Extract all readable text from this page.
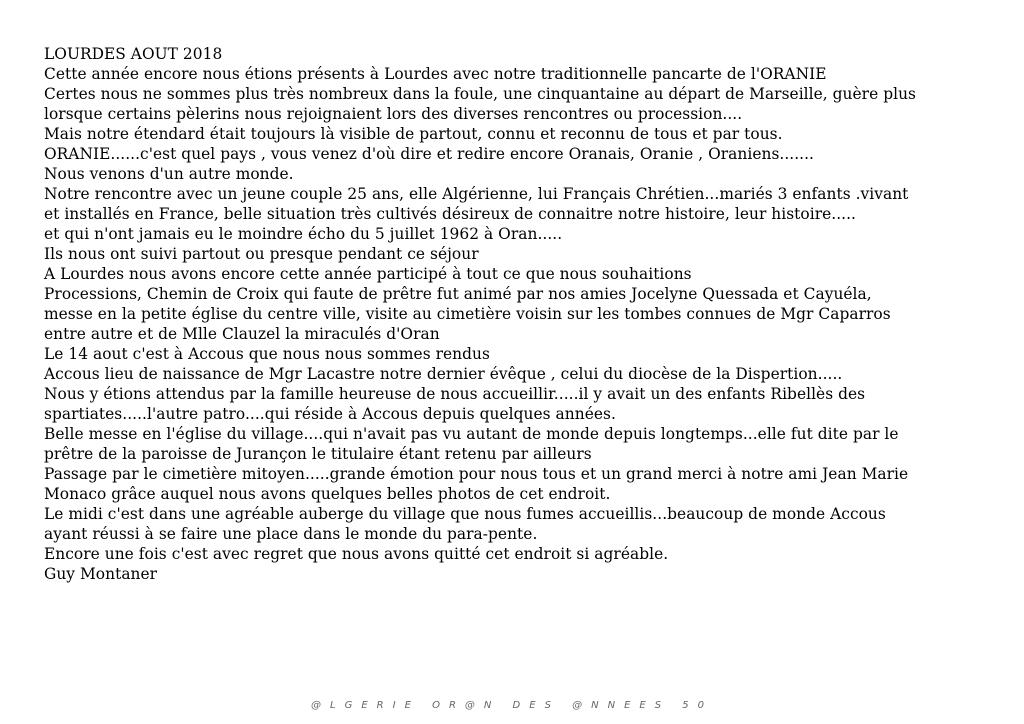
LOURDES AOUT 2018
Cette année encore nous étions présents à Lourdes avec notre traditionnelle pancarte de l'ORANIE
Certes nous ne sommes plus très nombreux dans la foule, une cinquantaine au départ de Marseille, guère plus
lorsque certains pèlerins nous rejoignaient lors des diverses rencontres ou procession....
Mais notre étendard était toujours là visible de partout, connu et reconnu de tous et par tous.
ORANIE......c'est quel pays , vous venez d'où dire et redire encore Oranais, Oranie , Oraniens.......
Nous venons d'un autre monde.
Notre rencontre avec un jeune couple 25 ans, elle Algérienne, lui Français Chrétien...mariés 3 enfants .vivant
et installés en France, belle situation très cultivés désireux de connaitre notre histoire, leur histoire.....
et qui n'ont jamais eu le moindre écho du 5 juillet 1962 à Oran.....
Ils nous ont suivi partout ou presque pendant ce séjour
A Lourdes nous avons encore cette année participé à tout ce que nous souhaitions
Processions, Chemin de Croix qui faute de prêtre fut animé par nos amies Jocelyne Quessada et Cayuéla,
messe en la petite église du centre ville, visite au cimetière voisin sur les tombes connues de Mgr Caparros
entre autre et de Mlle Clauzel la miraculés d'Oran
Le 14 aout c'est à Accous que nous nous sommes rendus
Accous lieu de naissance de Mgr Lacastre notre dernier évêque , celui du diocèse de la Dispertion.....
Nous y étions attendus par la famille heureuse de nous accueillir.....il y avait un des enfants Ribellès des
spartiates.....l'autre patro....qui réside à Accous depuis quelques années.
Belle messe en l'église du village....qui n'avait pas vu autant de monde depuis longtemps...elle fut dite par le
prêtre de la paroisse de Jurançon le titulaire étant retenu par ailleurs
Passage par le cimetière mitoyen.....grande émotion pour nous tous et un grand merci à notre ami Jean Marie
Monaco grâce auquel nous avons quelques belles photos de cet endroit.
Le midi c'est dans une agréable auberge du village que nous fumes accueillis...beaucoup de monde Accous
ayant réussi à se faire une place dans le monde du para-pente.
Encore une fois c'est avec regret que nous avons quitté cet endroit si agréable.
Guy Montaner
@LGERIE OR@N DES @NNEES 50
